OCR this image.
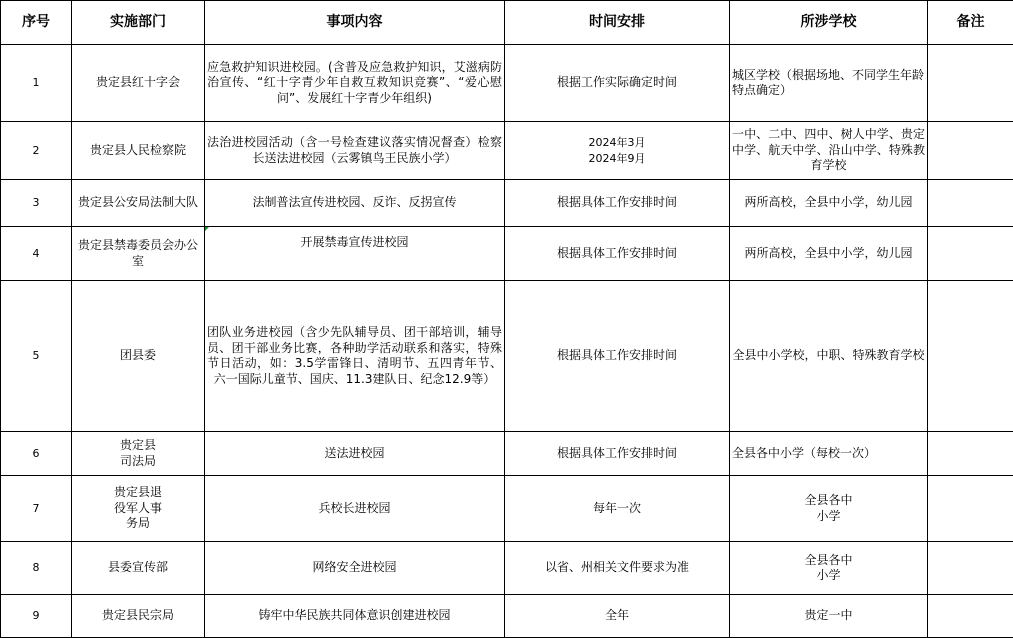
序号	实施部门	事项内容	时间安排	所涉学校	备注
1	贵定县红十字会	应急救护知识进校园。(含普及应急救护知识，艾滋病防治宣传、“红十字青少年自救互救知识竞赛”、“爱心慰问”、发展红十字青少年组织)	根据工作实际确定时间	城区学校（根据场地、不同学生年龄特点确定）	
2	贵定县人民检察院	法治进校园活动（含一号检查建议落实情况督查）检察长送法进校园（云雾镇鸟王民族小学）	2024年3月
2024年9月	一中、二中、四中、树人中学、贵定中学、航天中学、沿山中学、特殊教育学校	
3	贵定县公安局法制大队	法制普法宣传进校园、反诈、反拐宣传	根据具体工作安排时间	两所高校，全县中小学，幼儿园	
4	贵定县禁毒委员会办公室	开展禁毒宣传进校园	根据具体工作安排时间	两所高校，全县中小学，幼儿园	
5	团县委	团队业务进校园（含少先队辅导员、团干部培训，辅导员、团干部业务比赛，各种助学活动联系和落实，特殊节日活动，如：3.5学雷锋日、清明节、五四青年节、六一国际儿童节、国庆、11.3建队日、纪念12.9等）	根据具体工作安排时间	全县中小学校，中职、特殊教育学校	
6	贵定县
司法局	送法进校园	根据具体工作安排时间	全县各中小学（每校一次）	
7	贵定县退
役军人事
务局	兵校长进校园	每年一次	全县各中
小学	
8	县委宣传部	网络安全进校园	以省、州相关文件要求为准	全县各中
小学	
9	贵定县民宗局	铸牢中华民族共同体意识创建进校园	全年	贵定一中	
